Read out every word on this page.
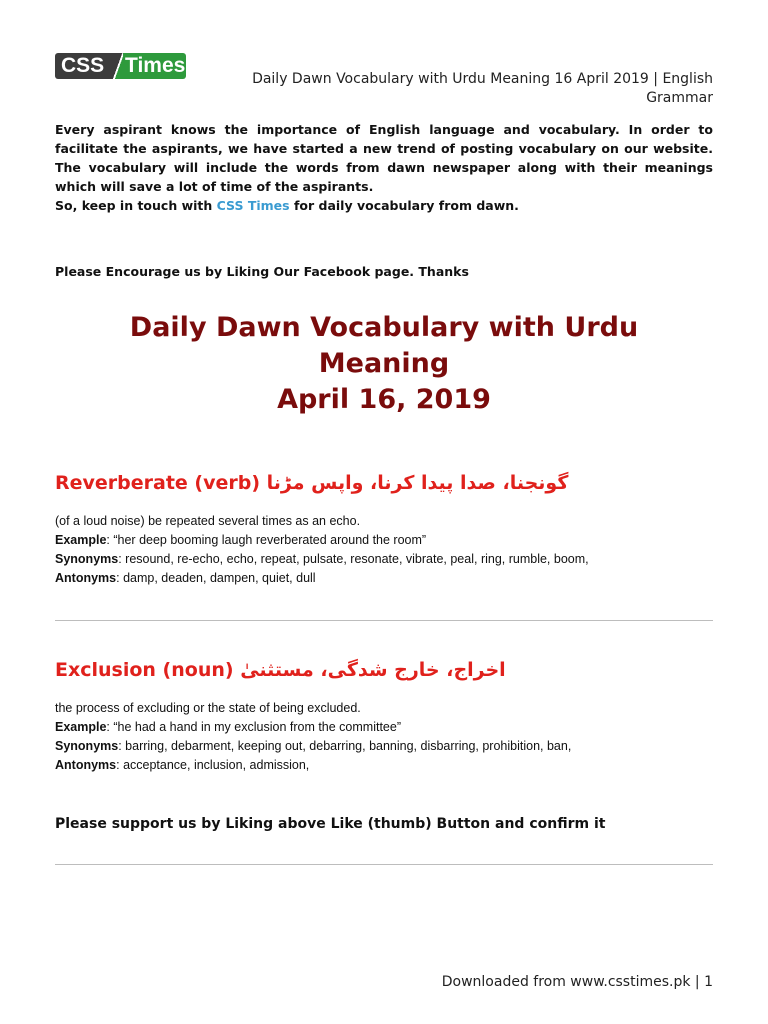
CSS Times
Daily Dawn Vocabulary with Urdu Meaning 16 April 2019 | English Grammar
Every aspirant knows the importance of English language and vocabulary. In order to facilitate the aspirants, we have started a new trend of posting vocabulary on our website. The vocabulary will include the words from dawn newspaper along with their meanings which will save a lot of time of the aspirants.
So, keep in touch with CSS Times for daily vocabulary from dawn.
Please Encourage us by Liking Our Facebook page. Thanks
Daily Dawn Vocabulary with Urdu
Meaning
April 16, 2019
Reverberate (verb) گونجنا، صدا پیدا کرنا، واپس مڑنا
(of a loud noise) be repeated several times as an echo.
Example: “her deep booming laugh reverberated around the room”
Synonyms: resound, re-echo, echo, repeat, pulsate, resonate, vibrate, peal, ring, rumble, boom,
Antonyms: damp, deaden, dampen, quiet, dull
Exclusion (noun) اخراج، خارج شدگی، مستثنیٰ
the process of excluding or the state of being excluded.
Example: “he had a hand in my exclusion from the committee”
Synonyms: barring, debarment, keeping out, debarring, banning, disbarring, prohibition, ban,
Antonyms: acceptance, inclusion, admission,
Please support us by Liking above Like (thumb) Button and confirm it
Downloaded from www.csstimes.pk | 1
